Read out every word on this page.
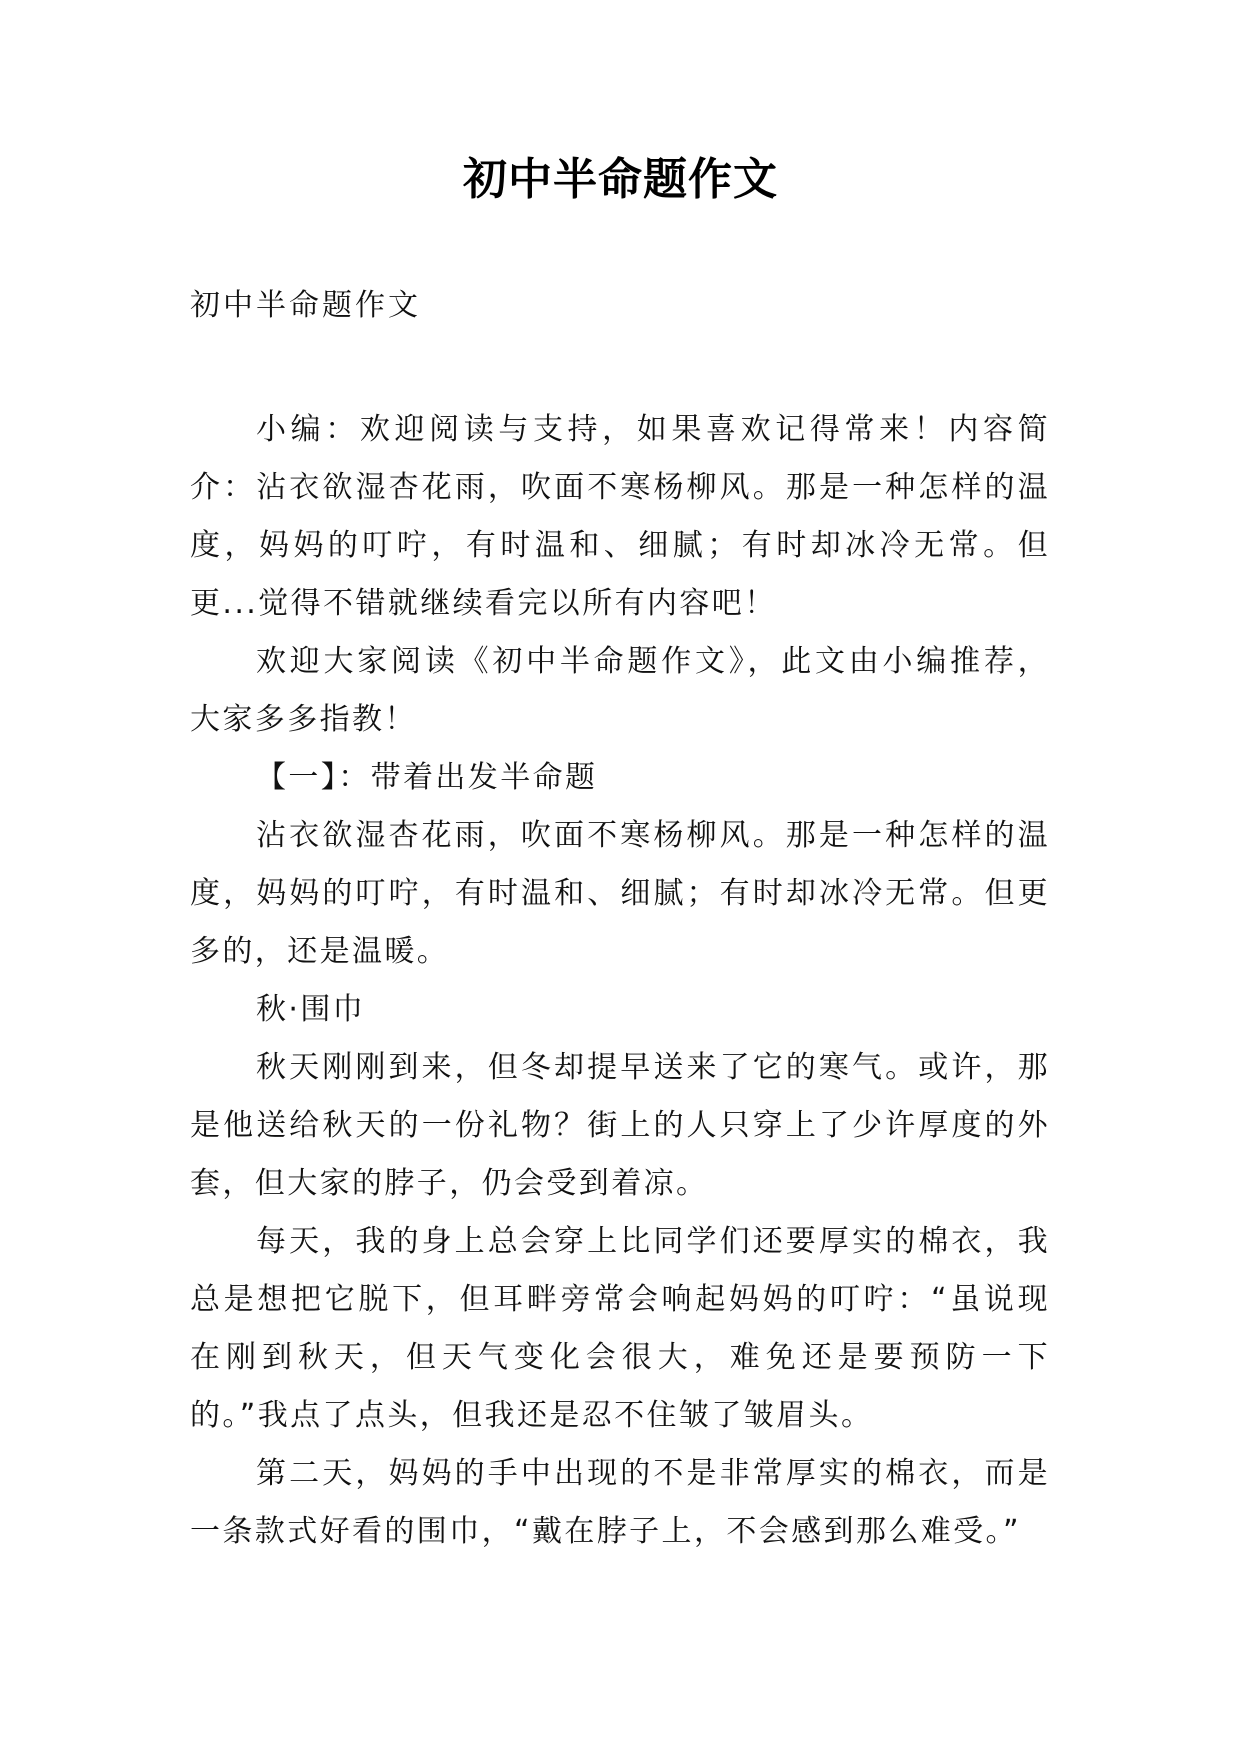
初中半命题作文
初中半命题作文

小编：欢迎阅读与支持，如果喜欢记得常来！内容简介：沾衣欲湿杏花雨，吹面不寒杨柳风。那是一种怎样的温度，妈妈的叮咛，有时温和、细腻；有时却冰冷无常。但更...觉得不错就继续看完以所有内容吧！

欢迎大家阅读《初中半命题作文》，此文由小编推荐，大家多多指教！

【一】：带着出发半命题

沾衣欲湿杏花雨，吹面不寒杨柳风。那是一种怎样的温度，妈妈的叮咛，有时温和、细腻；有时却冰冷无常。但更多的，还是温暖。

秋·围巾

秋天刚刚到来，但冬却提早送来了它的寒气。或许，那是他送给秋天的一份礼物？街上的人只穿上了少许厚度的外套，但大家的脖子，仍会受到着凉。

每天，我的身上总会穿上比同学们还要厚实的棉衣，我总是想把它脱下，但耳畔旁常会响起妈妈的叮咛：“虽说现在刚到秋天，但天气变化会很大，难免还是要预防一下的。”我点了点头，但我还是忍不住皱了皱眉头。

第二天，妈妈的手中出现的不是非常厚实的棉衣，而是一条款式好看的围巾，“戴在脖子上，不会感到那么难受。”
